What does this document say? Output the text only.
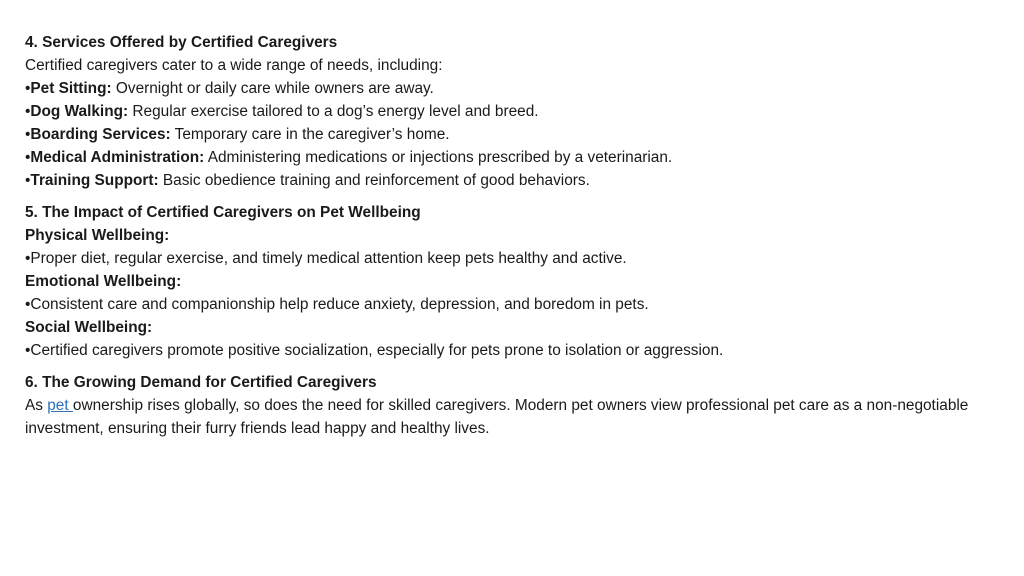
4. Services Offered by Certified Caregivers
Certified caregivers cater to a wide range of needs, including:
•Pet Sitting: Overnight or daily care while owners are away.
•Dog Walking: Regular exercise tailored to a dog’s energy level and breed.
•Boarding Services: Temporary care in the caregiver’s home.
•Medical Administration: Administering medications or injections prescribed by a veterinarian.
•Training Support: Basic obedience training and reinforcement of good behaviors.
5. The Impact of Certified Caregivers on Pet Wellbeing
Physical Wellbeing:
•Proper diet, regular exercise, and timely medical attention keep pets healthy and active.
Emotional Wellbeing:
•Consistent care and companionship help reduce anxiety, depression, and boredom in pets.
Social Wellbeing:
•Certified caregivers promote positive socialization, especially for pets prone to isolation or aggression.
6. The Growing Demand for Certified Caregivers
As pet ownership rises globally, so does the need for skilled caregivers. Modern pet owners view professional pet care as a non-negotiable investment, ensuring their furry friends lead happy and healthy lives.
